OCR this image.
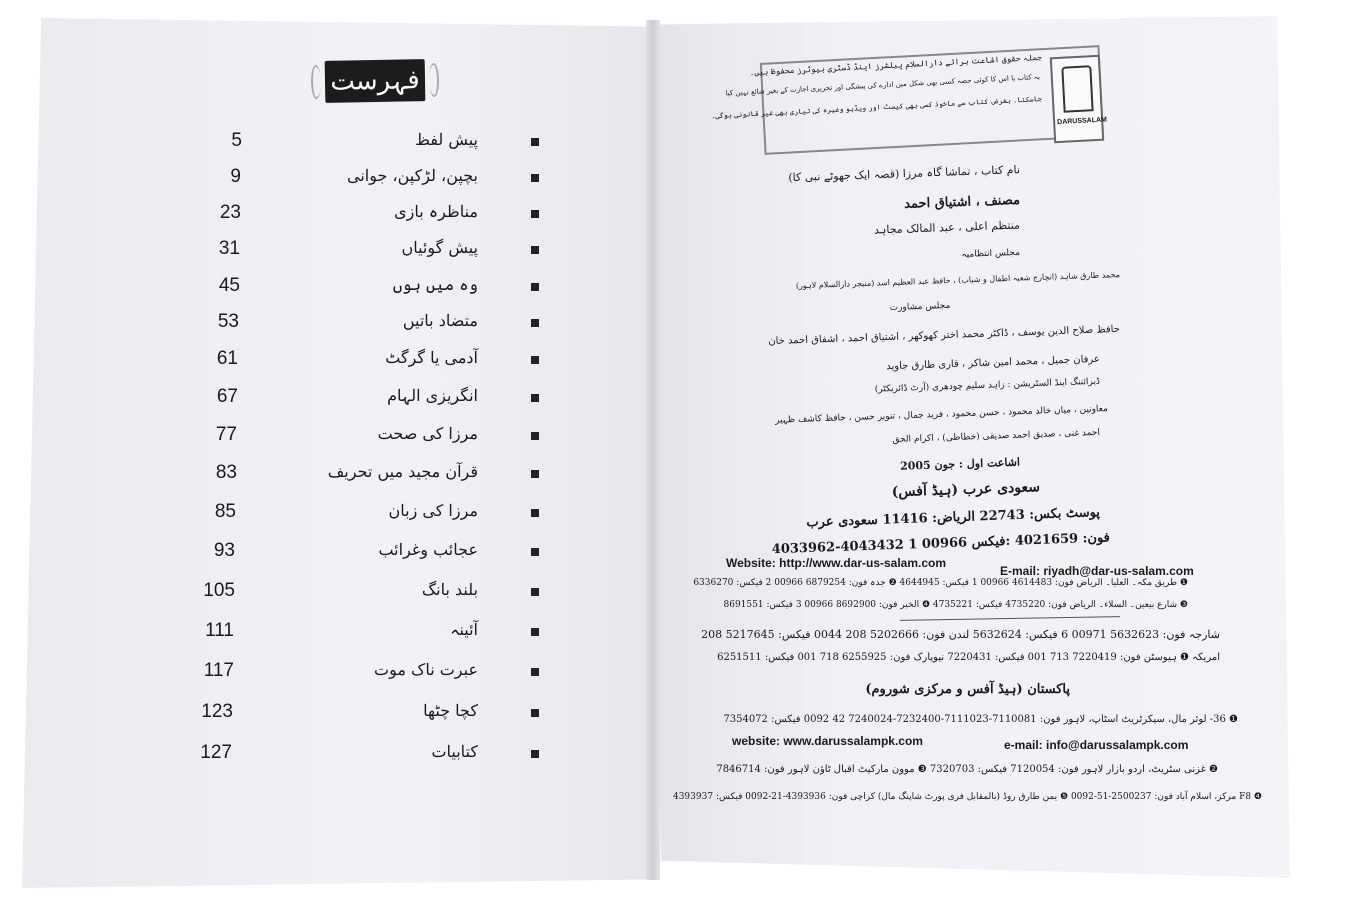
فہرست
5	پیش لفظ
9	بچپن، لڑکپن، جوانی
23	مناظرہ بازی
31	پیش گوئیاں
45	وہ میں ہوں
53	متضاد باتیں
61	آدمی یا گرگٹ
67	انگریزی الہام
77	مرزا کی صحت
83	قرآن مجید میں تحریف
85	مرزا کی زبان
93	عجائب وغرائب
105	بلند بانگ
111	آئینہ
117	عبرت ناک موت
123	کچا چٹھا
127	کتابیات
جملہ حقوق اشاعت برائے دارالسلام پبلشرز اینڈ ڈسٹری بیوٹرز محفوظ ہیں۔
یہ کتاب یا اس کا کوئی حصہ کسی بھی شکل میں ادارے کی پیشگی اور تحریری اجازت کے بغیر شائع نہیں کیا
جاسکتا۔ بغرض کتاب سے ماخوذ کسی بھی کیسٹ اور ویڈیو وغیرہ کی تیاری بھی غیر قانونی ہوگی۔
DARUSSALAM
نام کتاب ، تماشا گاہ مرزا (قصہ ایک جھوٹے نبی کا)
مصنف ، اشتیاق احمد
منتظم اعلی ، عبد المالک مجاہد
مجلس انتظامیہ
محمد طارق شاہد (انچارج شعبہ اطفال و شباب) ، حافظ عبد العظیم اسد (منیجر دارالسلام لاہور)
مجلس مشاورت
حافظ صلاح الدین یوسف ، ڈاکٹر محمد اختر کھوکھر ، اشتیاق احمد ، اشفاق احمد خان
عرفان جمیل ، محمد امین شاکر ، قاری طارق جاوید
ڈیزائننگ اینڈ السٹریشن : زاہد سلیم چودھری (آرٹ ڈائریکٹر)
معاونین ، میاں خالد محمود ، حسن محمود ، فرید جمال ، تنویر حسن ، حافظ کاشف ظہیر
احمد غنی ، صدیق احمد صدیقی (خطاطی) ، اکرام الحق
اشاعت اول : جون 2005
سعودی عرب (ہیڈ آفس)
پوسٹ بکس: 22743 الریاض: 11416 سعودی عرب
فون: 4021659 :فیکس 00966 1 4043432-4033962
Website: http://www.dar-us-salam.com
E-mail: riyadh@dar-us-salam.com
❶ طریق مکہ۔ العلیا۔ الریاض فون: 4614483 00966 1 فیکس: 4644945 ❷ جدہ فون: 6879254 00966 2 فیکس: 6336270
❸ شارع بیعین۔ السلاء۔ الریاض فون: 4735220 فیکس: 4735221 ❹ الخبر فون: 8692900 00966 3 فیکس: 8691551
شارجہ فون: 5632623 00971 6 فیکس: 5632624 لندن فون: 5202666 208 0044 فیکس: 5217645 208
امریکہ ❶ ہیوسٹن فون: 7220419 713 001 فیکس: 7220431 نیویارک فون: 6255925 718 001 فیکس: 6251511
پاکستان (ہیڈ آفس و مرکزی شوروم)
❶ 36- لوئر مال، سیکرٹریٹ اسٹاپ، لاہور فون: 7110081-7111023-7232400-7240024 42 0092 فیکس: 7354072
website: www.darussalampk.com	e-mail: info@darussalampk.com
❷ غزنی سٹریٹ، اردو بازار لاہور فون: 7120054 فیکس: 7320703 ❸ موون مارکیٹ اقبال ٹاؤن لاہور فون: 7846714
❹ F8 مرکز، اسلام آباد فون: 2500237-51-0092 ❺ یمن طارق روڈ (بالمقابل فری پورٹ شاپنگ مال) کراچی فون: 4393936-21-0092 فیکس: 4393937
